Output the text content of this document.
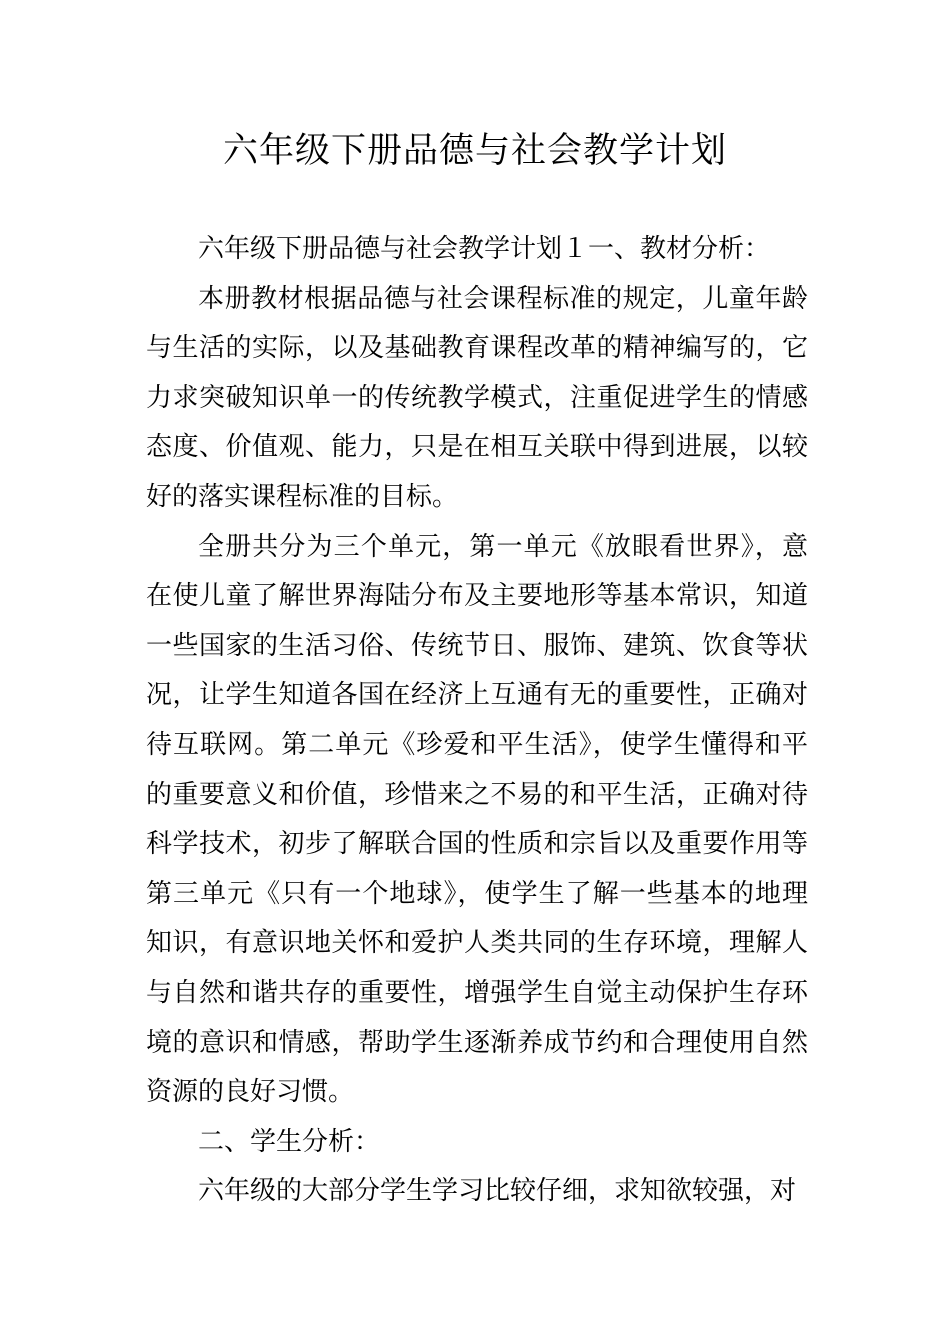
六年级下册品德与社会教学计划

六年级下册品德与社会教学计划１一、教材分析：

本册教材根据品德与社会课程标准的规定，儿童年龄与生活的实际，以及基础教育课程改革的精神编写的，它力求突破知识单一的传统教学模式，注重促进学生的情感态度、价值观、能力，只是在相互关联中得到进展，以较好的落实课程标准的目标。

全册共分为三个单元，第一单元《放眼看世界》，意在使儿童了解世界海陆分布及主要地形等基本常识，知道一些国家的生活习俗、传统节日、服饰、建筑、饮食等状况，让学生知道各国在经济上互通有无的重要性，正确对待互联网。第二单元《珍爱和平生活》，使学生懂得和平的重要意义和价值，珍惜来之不易的和平生活，正确对待科学技术，初步了解联合国的性质和宗旨以及重要作用等第三单元《只有一个地球》，使学生了解一些基本的地理知识，有意识地关怀和爱护人类共同的生存环境，理解人与自然和谐共存的重要性，增强学生自觉主动保护生存环境的意识和情感，帮助学生逐渐养成节约和合理使用自然资源的良好习惯。

二、学生分析：

六年级的大部分学生学习比较仔细，求知欲较强，对
